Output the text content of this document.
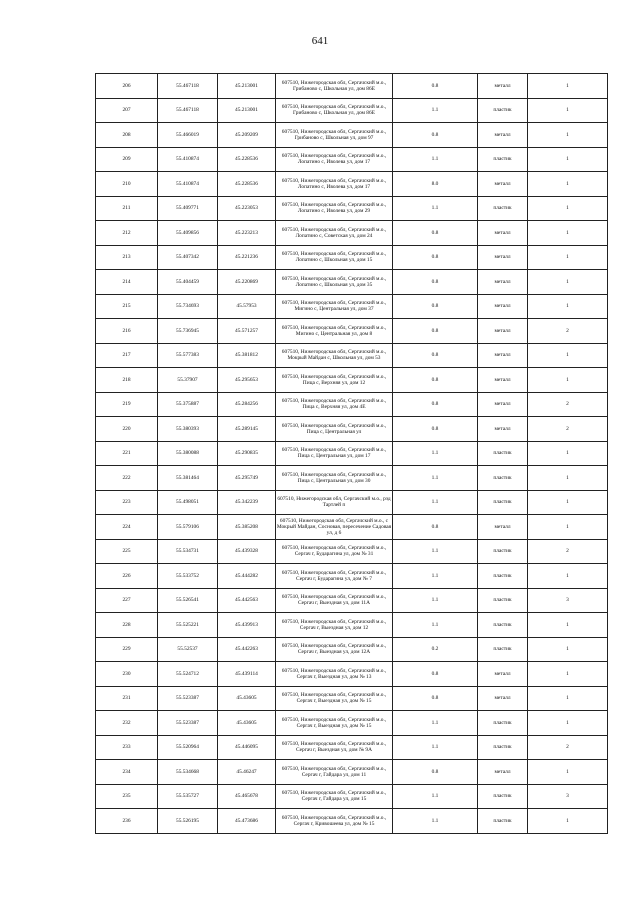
641
206	55.467118	45.213001	607510, Нижегородская обл, Сергачский м.о., Грибаново с, Школьная ул, дом 86Е	0.8	металл	1
207	55.467118	45.213001	607510, Нижегородская обл, Сергачский м.о., Грибаново с, Школьная ул, дом 86Е	1.1	пластик	1
208	55.466019	45.209209	607510, Нижегородская обл, Сергачский м.о., Грибаново с, Школьная ул, дом 97	0.8	металл	1
209	55.410874	45.228536	607510, Нижегородская обл, Сергачский м.о., Лопатино с, Иволева ул, дом 17	1.1	пластик	1
210	55.410874	45.228536	607510, Нижегородская обл, Сергачский м.о., Лопатино с, Иволева ул, дом 17	8.0	металл	1
211	55.409771	45.223053	607510, Нижегородская обл, Сергачский м.о., Лопатино с, Иволева ул, дом 29	1.1	пластик	1
212	55.409856	45.223213	607510, Нижегородская обл, Сергачский м.о., Лопатино с, Советская ул, дом 24	0.8	металл	1
213	55.407342	45.221236	607510, Нижегородская обл, Сергачский м.о., Лопатино с, Школьная ул, дом 15	0.8	металл	1
214	55.404459	45.220869	607510, Нижегородская обл, Сергачский м.о., Лопатино с, Школьная ул, дом 35	0.8	металл	1
215	55.734693	45.57953	607510, Нижегородская обл, Сергачский м.о., Мигино с, Центральная ул, дом 37	0.8	металл	1
216	55.736945	45.571257	607510, Нижегородская обл, Сергачский м.о., Мигино с, Центральная ул, дом 8	0.8	металл	2
217	55.577383	45.381812	607510, Нижегородская обл, Сергачский м.о., Мокрый Майдан с, Школьная ул, дом 53	0.8	металл	1
218	55.37907	45.295653	607510, Нижегородская обл, Сергачский м.о., Пица с, Верхняя ул, дом 12	0.8	металл	1
219	55.375887	45.284256	607510, Нижегородская обл, Сергачский м.о., Пица с, Верхняя ул, дом 4Е	0.8	металл	2
220	55.380393	45.289145	607510, Нижегородская обл, Сергачский м.о., Пица с, Центральная ул	0.8	металл	2
221	55.380088	45.290835	607510, Нижегородская обл, Сергачский м.о., Пица с, Центральная ул, дом 17	1.1	пластик	1
222	55.381464	45.295749	607510, Нижегородская обл, Сергачский м.о., Пица с, Центральная ул, дом 30	1.1	пластик	1
223	55.498051	45.342239	607510, Нижегородская обл, Сергачский м.о., рзд Тартлей п	1.1	пластик	1
224	55.579106	45.385208	607510, Нижегородская обл, Сергачский м.о., с Мокрый Майдан, Сосновая, пересечение Садовая ул, д 6	0.8	металл	1
225	55.534731	45.439328	607510, Нижегородская обл, Сергачский м.о., Сергач г, Бударагина ул, дом № 31	1.1	пластик	2
226	55.533752	45.444282	607510, Нижегородская обл, Сергачский м.о., Сергач г, Бударагина ул, дом № 7	1.1	пластик	1
227	55.526541	45.442563	607510, Нижегородская обл, Сергачский м.о., Сергач г, Выездная ул, дом 11А	1.1	пластик	3
228	55.525221	45.439913	607510, Нижегородская обл, Сергачский м.о., Сергач г, Выездная ул, дом 12	1.1	пластик	1
229	55.52537	45.442263	607510, Нижегородская обл, Сергачский м.о., Сергач г, Выездная ул, дом 12А	0.2	пластик	1
230	55.524712	45.439114	607510, Нижегородская обл, Сергачский м.о., Сергач г, Выездная ул, дом № 13	0.8	металл	1
231	55.523387	45.43605	607510, Нижегородская обл, Сергачский м.о., Сергач г, Выездная ул, дом № 15	0.8	металл	1
232	55.523387	45.43605	607510, Нижегородская обл, Сергачский м.о., Сергач г, Выездная ул, дом № 15	1.1	пластик	1
233	55.520964	45.446095	607510, Нижегородская обл, Сергачский м.о., Сергач г, Выездная ул, дом № 9А	1.1	пластик	2
234	55.534668	45.46247	607510, Нижегородская обл, Сергачский м.о., Сергач г, Гайдара ул, дом 11	0.8	металл	1
235	55.535727	45.465678	607510, Нижегородская обл, Сергачский м.о., Сергач г, Гайдара ул, дом 15	1.1	пластик	3
236	55.526195	45.473686	607510, Нижегородская обл, Сергачский м.о., Сергач г, Кривошеева ул, дом № 15	1.1	пластик	1
